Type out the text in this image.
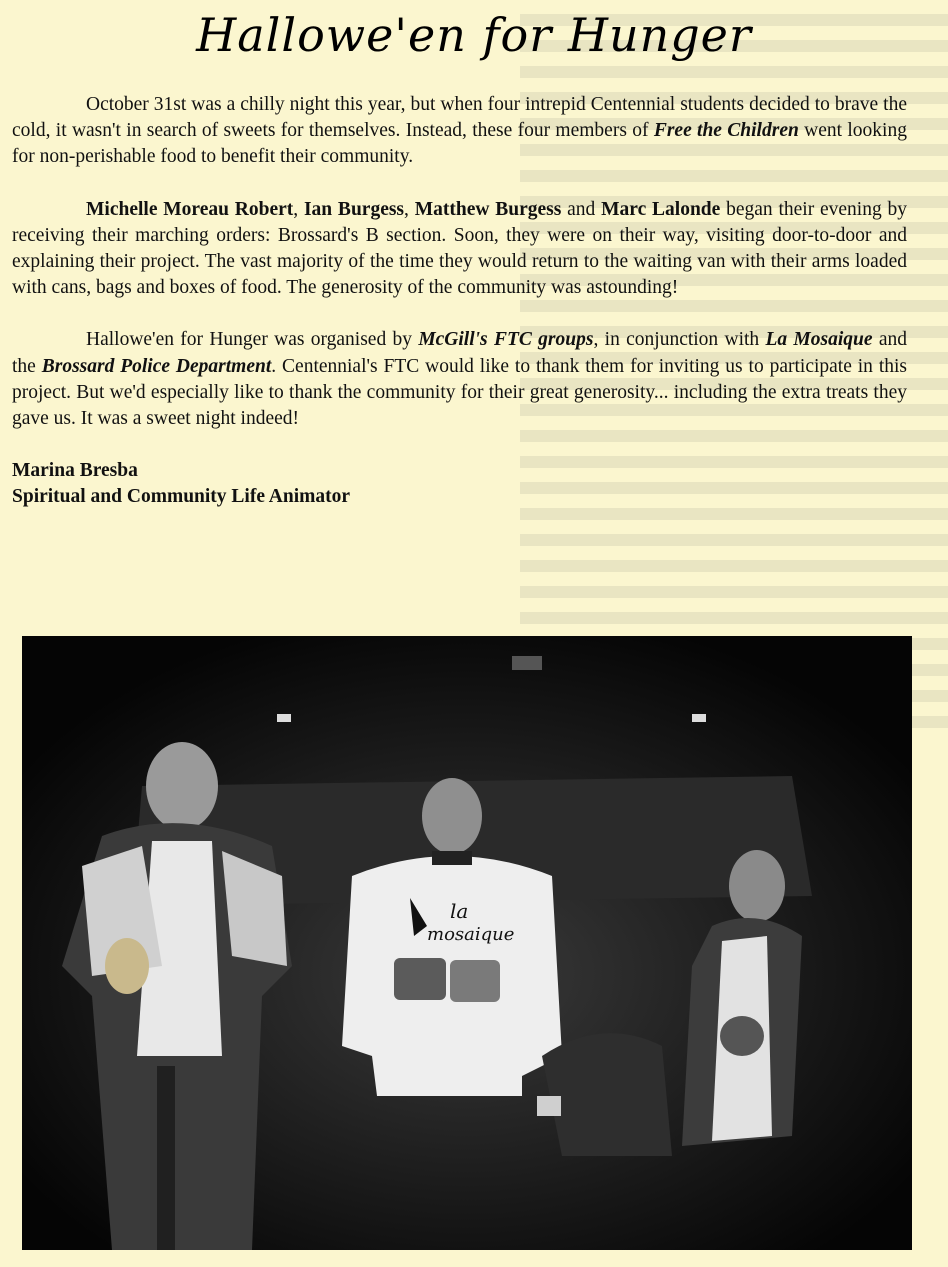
Hallowe'en for Hunger

October 31st was a chilly night this year, but when four intrepid Centennial students decided to brave the cold, it wasn't in search of sweets for themselves. Instead, these four members of Free the Children went looking for non-perishable food to benefit their community.

Michelle Moreau Robert, Ian Burgess, Matthew Burgess and Marc Lalonde began their evening by receiving their marching orders: Brossard's B section. Soon, they were on their way, visiting door-to-door and explaining their project. The vast majority of the time they would return to the waiting van with their arms loaded with cans, bags and boxes of food. The generosity of the community was astounding!

Hallowe'en for Hunger was organised by McGill's FTC groups, in conjunction with La Mosaique and the Brossard Police Department. Centennial's FTC would like to thank them for inviting us to participate in this project. But we'd especially like to thank the community for their great generosity... including the extra treats they gave us. It was a sweet night indeed!

Marina Bresba
Spiritual and Community Life Animator
la
mosaique
